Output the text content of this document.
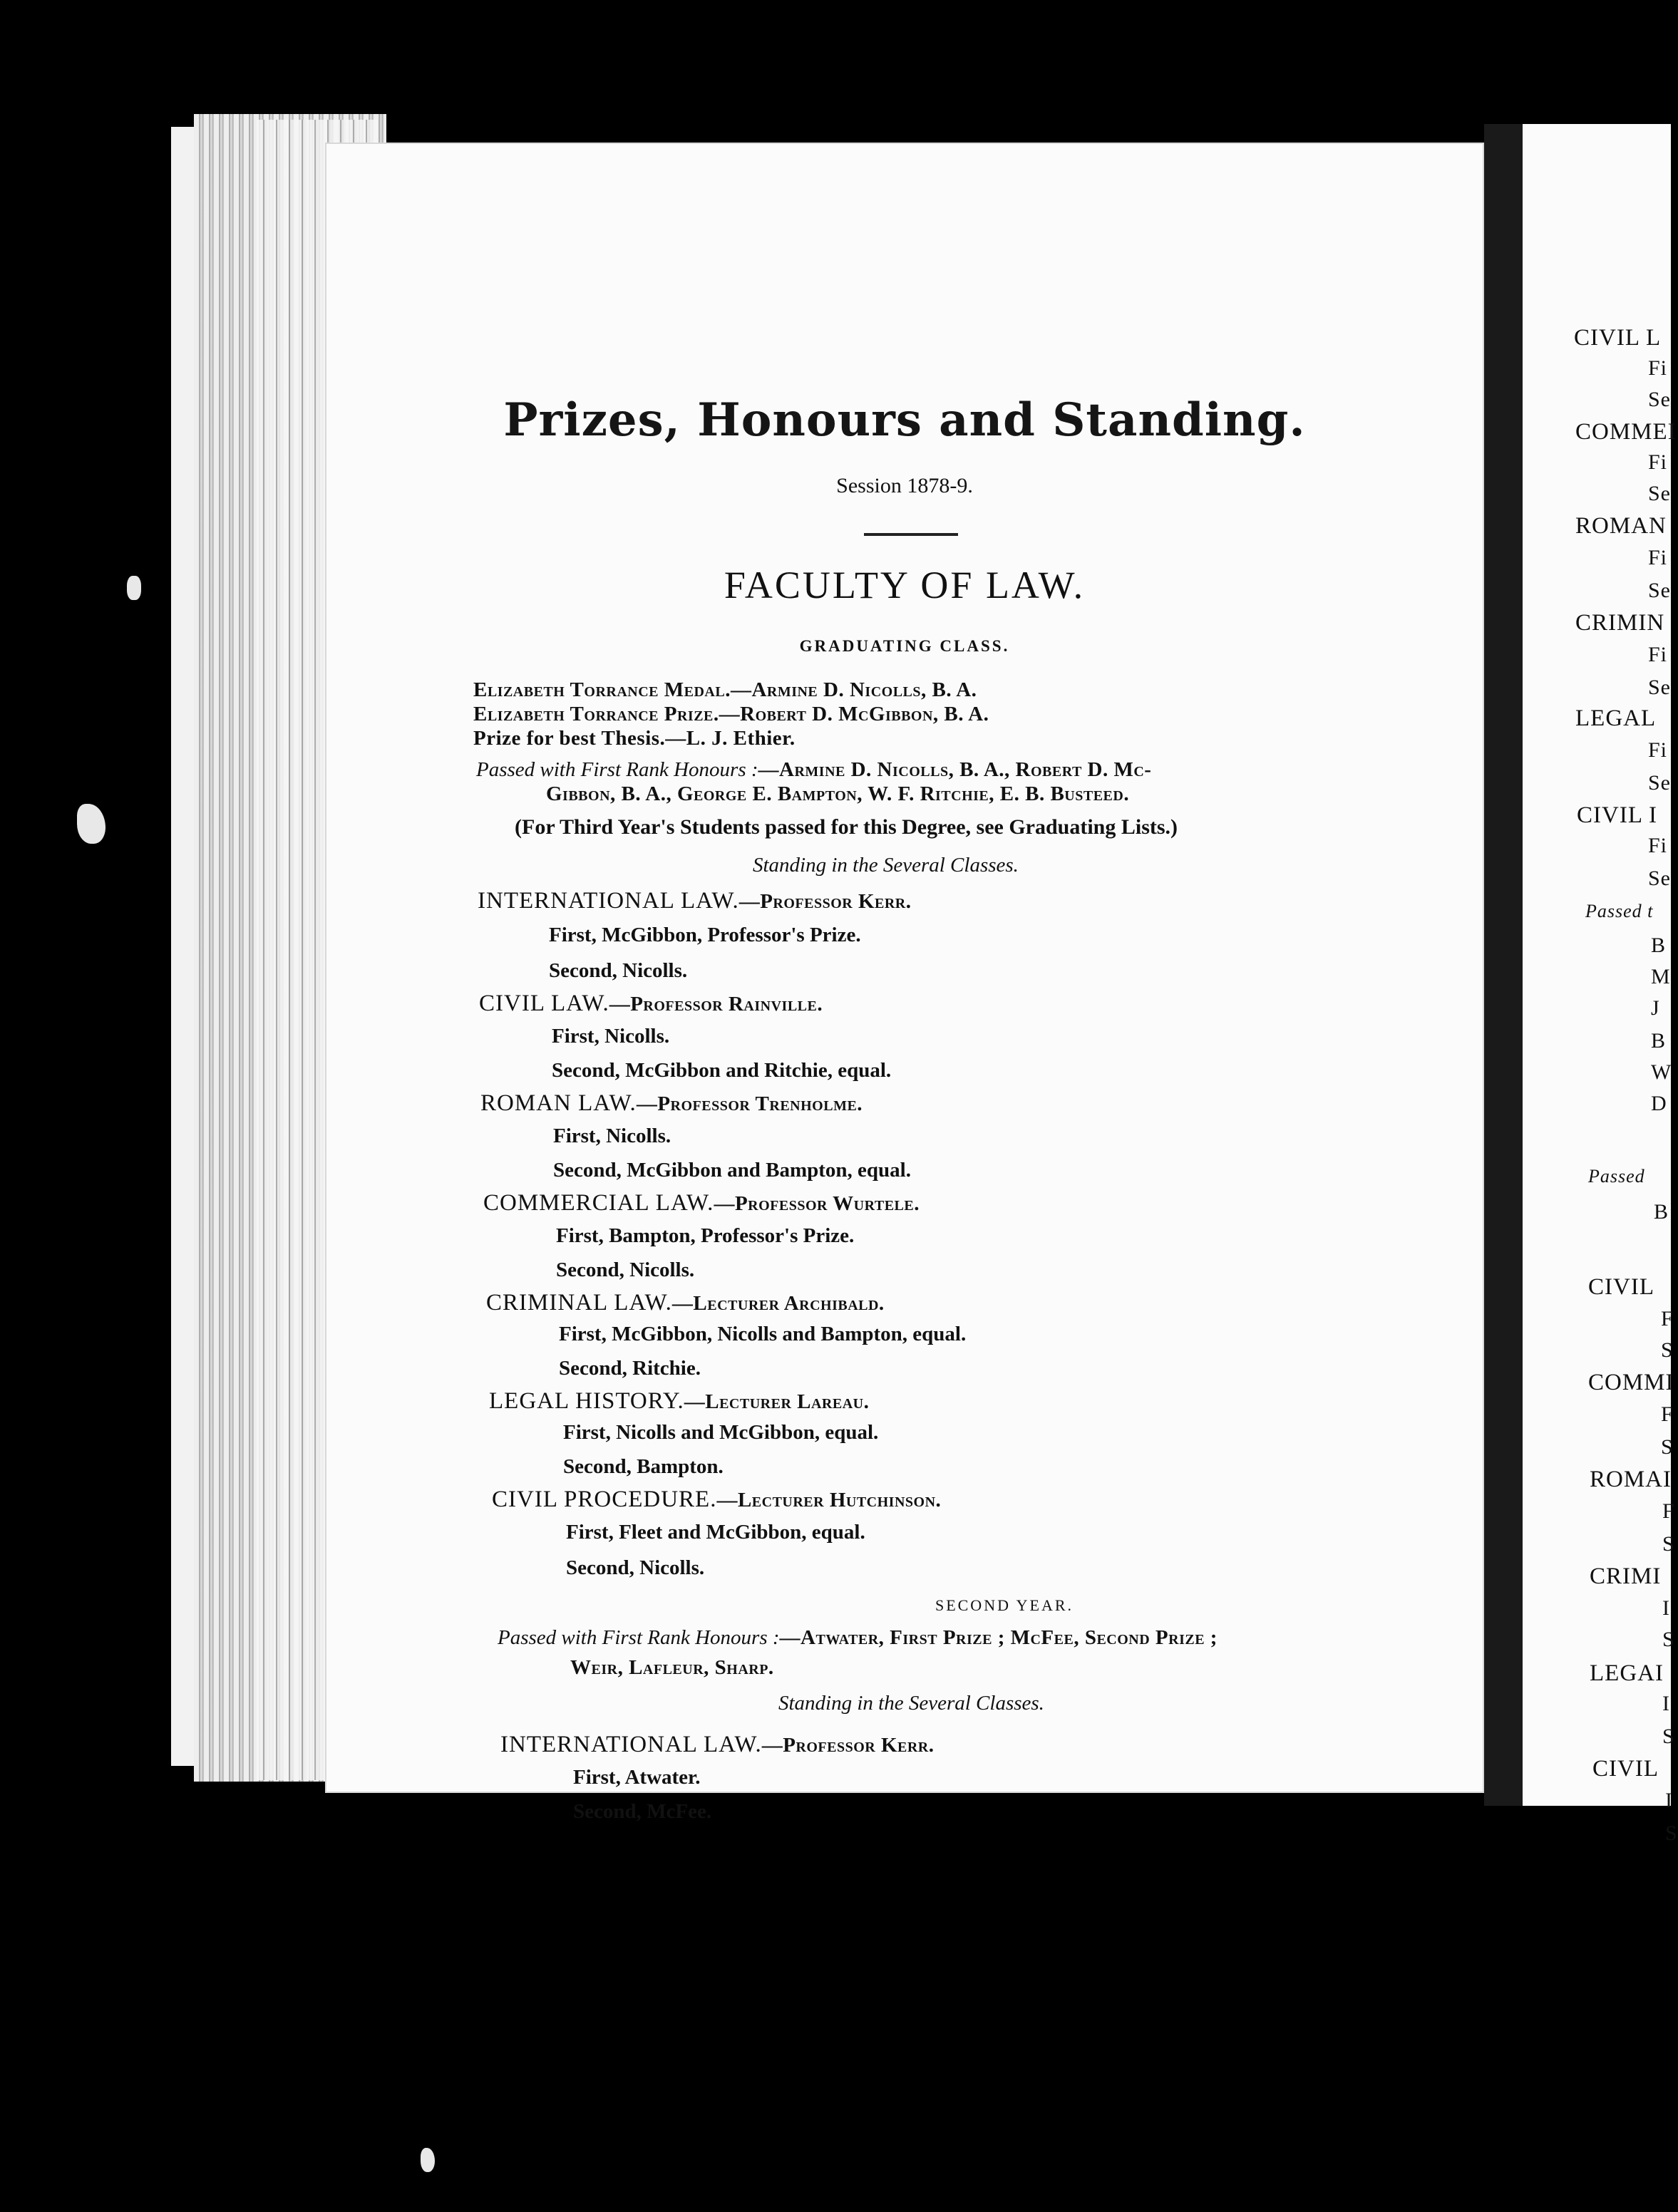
Prizes, Honours and Standing.
Session 1878-9.
FACULTY OF LAW.
GRADUATING CLASS.
Elizabeth Torrance Medal.—Armine D. Nicolls, B. A.
Elizabeth Torrance Prize.—Robert D. McGibbon, B. A.
Prize for best Thesis.—L. J. Ethier.
Passed with First Rank Honours :—Armine D. Nicolls, B. A., Robert D. Mc-
Gibbon, B. A., George E. Bampton, W. F. Ritchie, E. B. Busteed.
(For Third Year's Students passed for this Degree, see Graduating Lists.)
Standing in the Several Classes.
INTERNATIONAL LAW.—Professor Kerr.
First, McGibbon, Professor's Prize.
Second, Nicolls.
CIVIL LAW.—Professor Rainville.
First, Nicolls.
Second, McGibbon and Ritchie, equal.
ROMAN LAW.—Professor Trenholme.
First, Nicolls.
Second, McGibbon and Bampton, equal.
COMMERCIAL LAW.—Professor Wurtele.
First, Bampton, Professor's Prize.
Second, Nicolls.
CRIMINAL LAW.—Lecturer Archibald.
First, McGibbon, Nicolls and Bampton, equal.
Second, Ritchie.
LEGAL HISTORY.—Lecturer Lareau.
First, Nicolls and McGibbon, equal.
Second, Bampton.
CIVIL PROCEDURE.—Lecturer Hutchinson.
First, Fleet and McGibbon, equal.
Second, Nicolls.
SECOND YEAR.
Passed with First Rank Honours :—Atwater, First Prize ; McFee, Second Prize ;
Weir, Lafleur, Sharp.
Standing in the Several Classes.
INTERNATIONAL LAW.—Professor Kerr.
First, Atwater.
Second, McFee.
CIVIL L
Fi
Se
COMMEI
Fi
Se
ROMAN
Fi
Se
CRIMIN
Fi
Se
LEGAL
Fi
Se
CIVIL I
Fi
Se
Passed t
B
M
J
B
W
D
Passed
B
CIVIL
F
S
COMMI
F
S
ROMAI
F
S
CRIMI
I
S
LEGAI
I
S
CIVIL
I
S
